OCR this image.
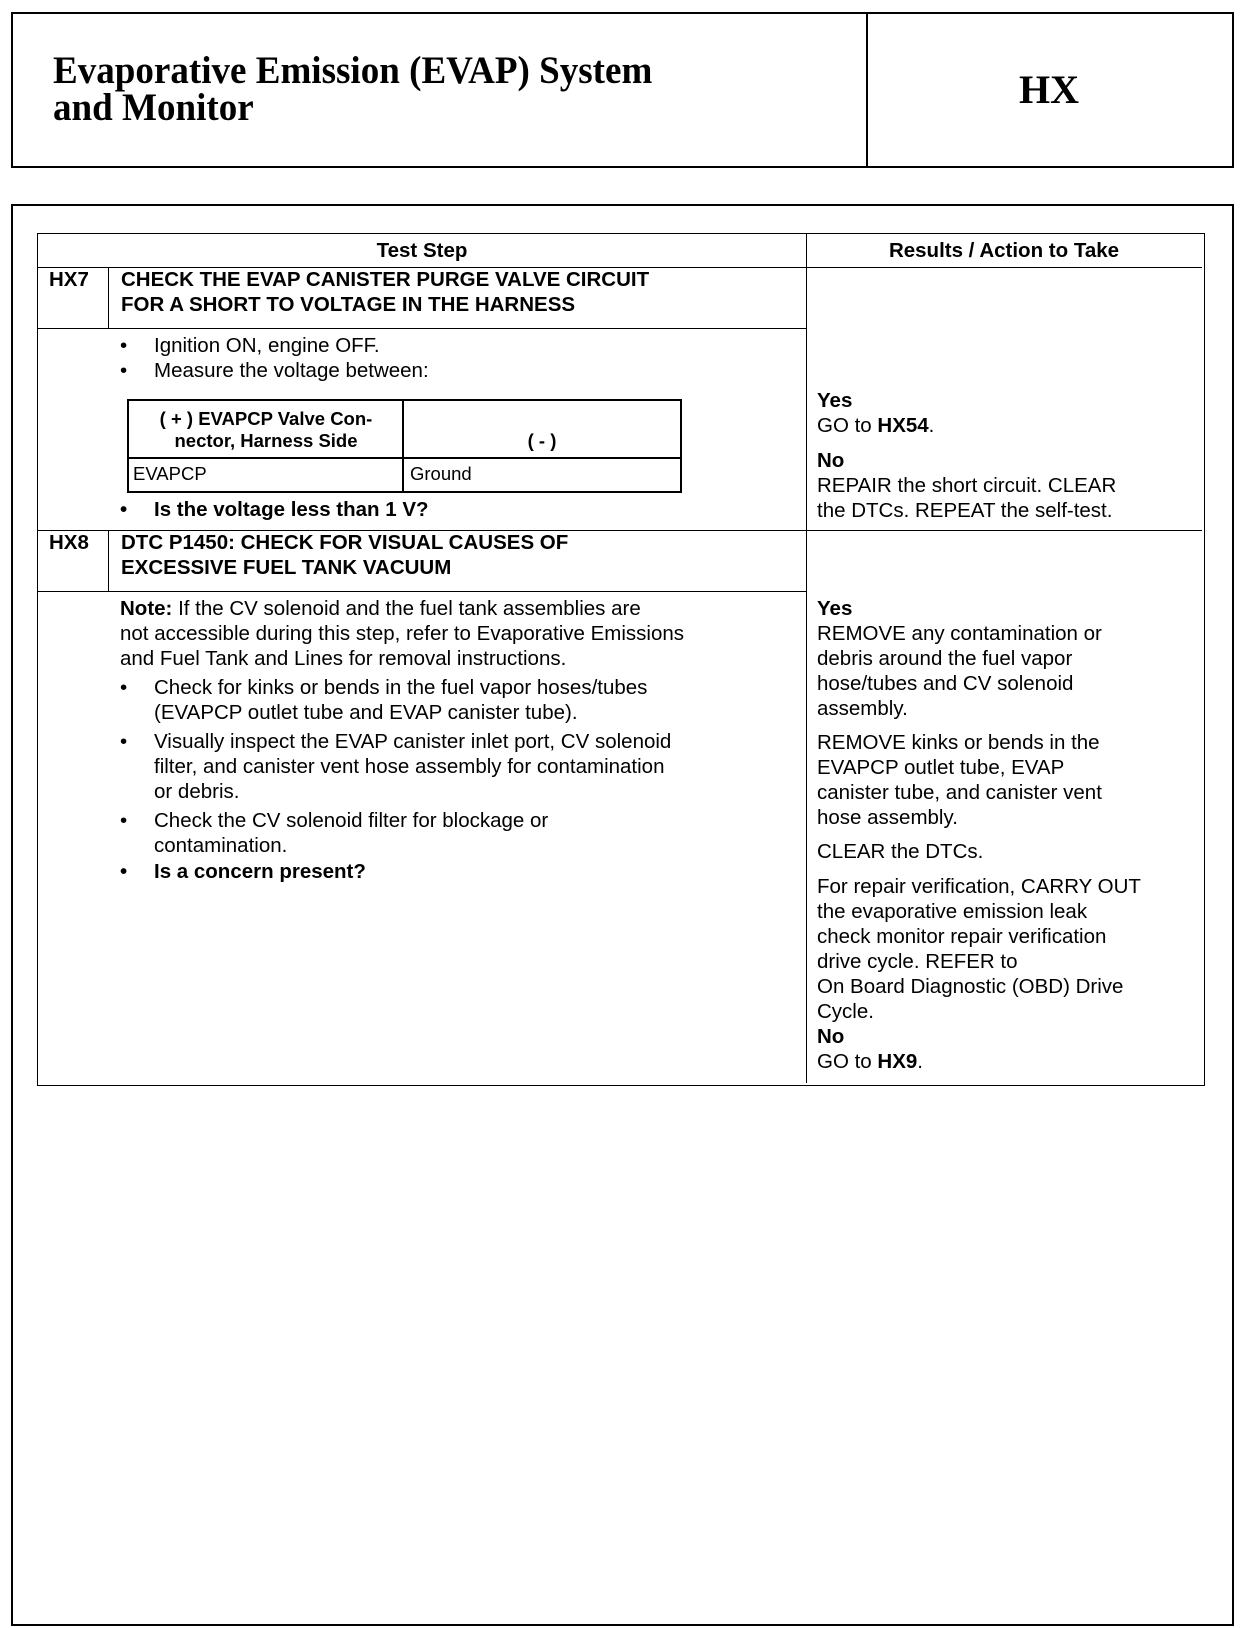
Evaporative Emission (EVAP) System
and Monitor	HX
Test Step	Results / Action to Take
HX7 CHECK THE EVAP CANISTER PURGE VALVE CIRCUIT
FOR A SHORT TO VOLTAGE IN THE HARNESS
• Ignition ON, engine OFF.
• Measure the voltage between:
( + ) EVAPCP Valve Con-
nector, Harness Side	( - )
EVAPCP	Ground
• Is the voltage less than 1 V?
Yes
GO to HX54.
No
REPAIR the short circuit. CLEAR
the DTCs. REPEAT the self-test.
HX8 DTC P1450: CHECK FOR VISUAL CAUSES OF
EXCESSIVE FUEL TANK VACUUM
Note: If the CV solenoid and the fuel tank assemblies are
not accessible during this step, refer to Evaporative Emissions
and Fuel Tank and Lines for removal instructions.
• Check for kinks or bends in the fuel vapor hoses/tubes
(EVAPCP outlet tube and EVAP canister tube).
• Visually inspect the EVAP canister inlet port, CV solenoid
filter, and canister vent hose assembly for contamination
or debris.
• Check the CV solenoid filter for blockage or
contamination.
• Is a concern present?
Yes
REMOVE any contamination or
debris around the fuel vapor
hose/tubes and CV solenoid
assembly.
REMOVE kinks or bends in the
EVAPCP outlet tube, EVAP
canister tube, and canister vent
hose assembly.
CLEAR the DTCs.
For repair verification, CARRY OUT
the evaporative emission leak
check monitor repair verification
drive cycle. REFER to
On Board Diagnostic (OBD) Drive
Cycle.
No
GO to HX9.
